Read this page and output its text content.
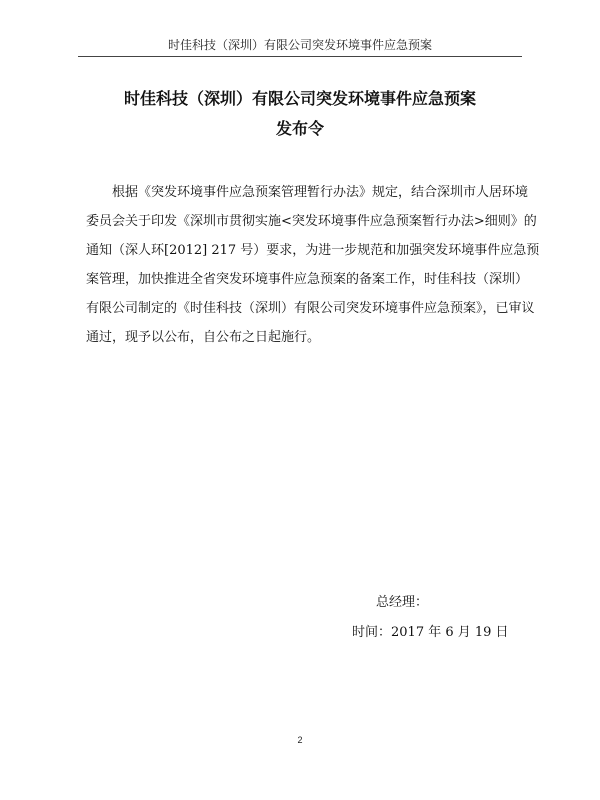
时佳科技（深圳）有限公司突发环境事件应急预案
时佳科技（深圳）有限公司突发环境事件应急预案
发布令
　　根据《突发环境事件应急预案管理暂行办法》规定，结合深圳市人居环境
委员会关于印发《深圳市贯彻实施<突发环境事件应急预案暂行办法>细则》的
通知（深人环[2012] 217 号）要求，为进一步规范和加强突发环境事件应急预
案管理，加快推进全省突发环境事件应急预案的备案工作，时佳科技（深圳）
有限公司制定的《时佳科技（深圳）有限公司突发环境事件应急预案》，已审议
通过，现予以公布，自公布之日起施行。
总经理：
时间：2017 年 6 月 19 日
2
